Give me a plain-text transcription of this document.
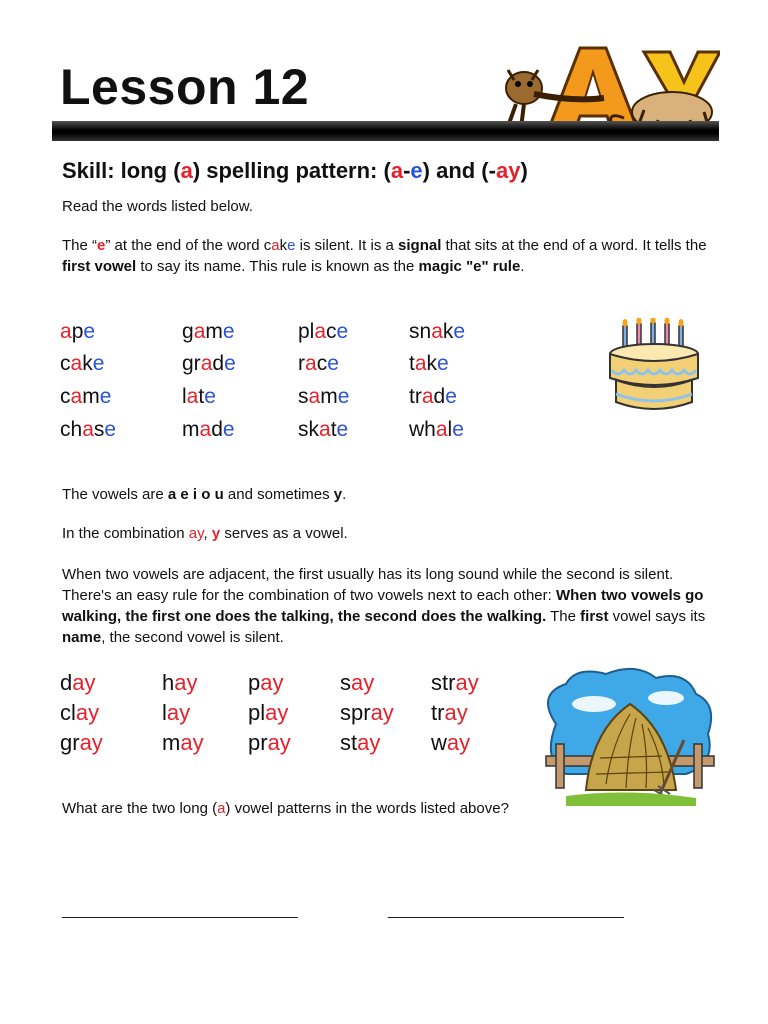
Lesson 12
Skill: long (a) spelling pattern: (a-e) and (-ay)
Read the words listed below.
The “e” at the end of the word cake is silent. It is a signal that sits at the end of a word. It tells the first vowel to say its name. This rule is known as the magic "e" rule.
ape	game	place	snake
cake	grade	race	take
came	late	same	trade
chase	made	skate	whale
The vowels are a e i o u and sometimes y.
In the combination ay, y serves as a vowel.
When two vowels are adjacent, the first usually has its long sound while the second is silent. There's an easy rule for the combination of two vowels next to each other: When two vowels go walking, the first one does the talking, the second does the walking. The first vowel says its name, the second vowel is silent.
day	hay pay	say	stray
clay	lay	play spray tray
gray	may pray stay way
What are the two long (a) vowel patterns in the words listed above?
______________________________	______________________________
